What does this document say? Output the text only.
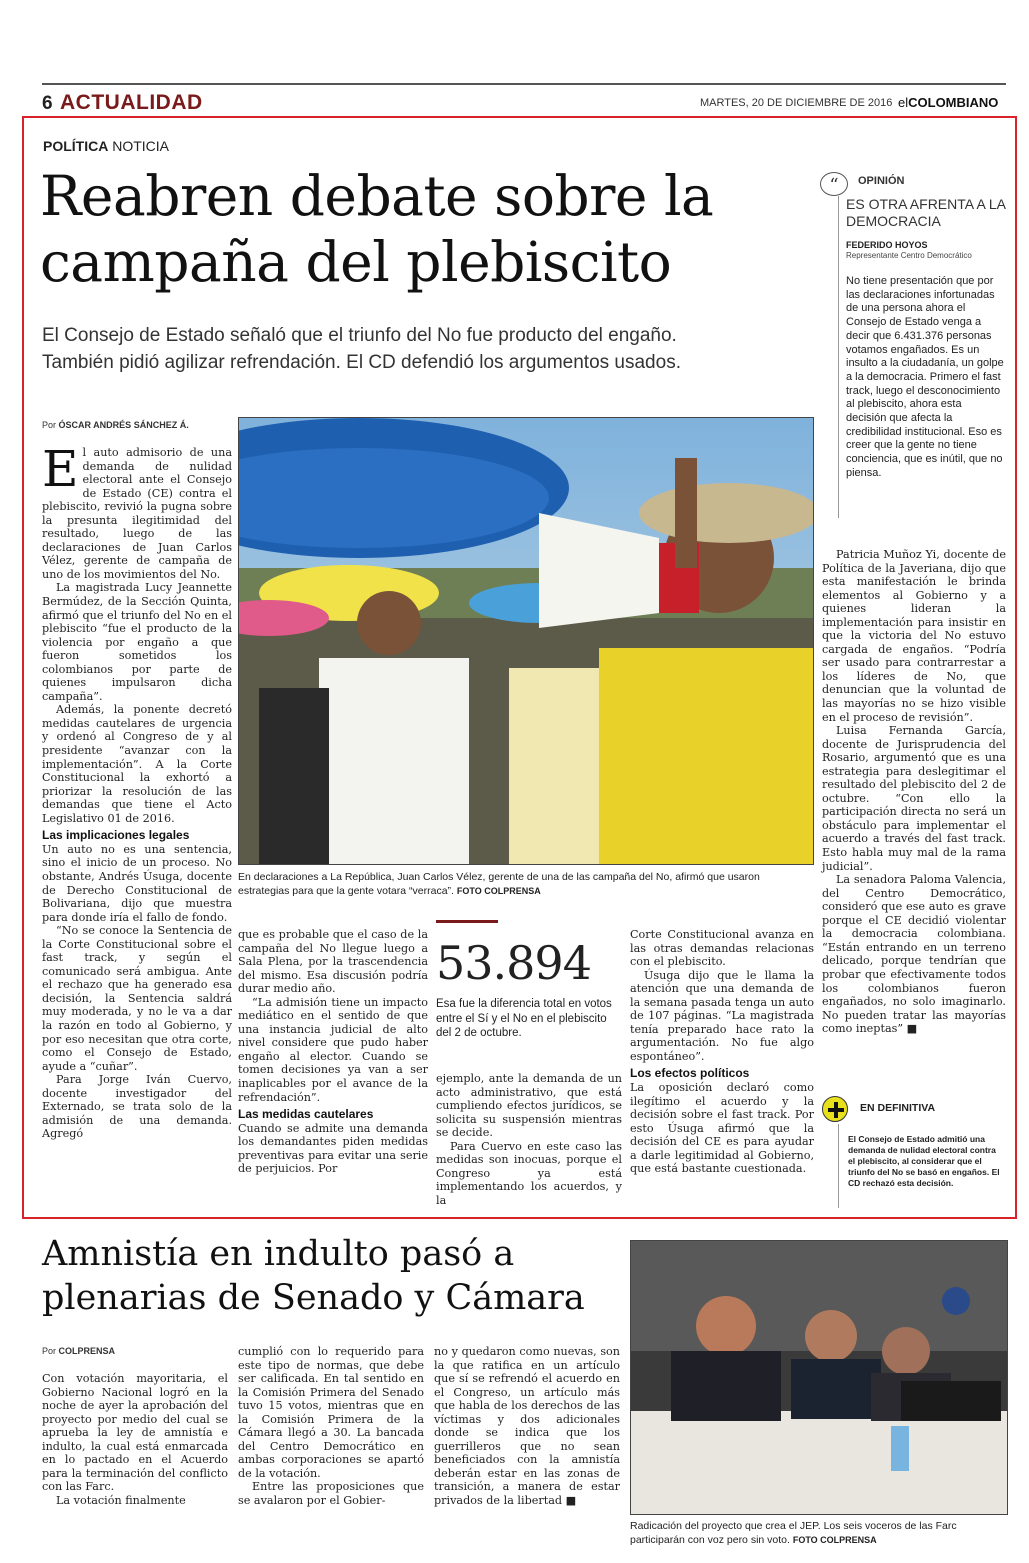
6 ACTUALIDAD	MARTES, 20 DE DICIEMBRE DE 2016 elCOLOMBIANO
POLÍTICA NOTICIA
Reabren debate sobre la
campaña del plebiscito
El Consejo de Estado señaló que el triunfo del No fue producto del engaño.
También pidió agilizar refrendación. El CD defendió los argumentos usados.
Por ÓSCAR ANDRÉS SÁNCHEZ Á.

El auto admisorio de una demanda de nulidad electoral ante el Consejo de Estado (CE) contra el plebiscito, revivió la pugna sobre la presunta ilegitimidad del resultado, luego de las declaraciones de Juan Carlos Vélez, gerente de campaña de uno de los movimientos del No.

La magistrada Lucy Jeannette Bermúdez, de la Sección Quinta, afirmó que el triunfo del No en el plebiscito “fue el producto de la violencia por engaño a que fueron sometidos los colombianos por parte de quienes impulsaron dicha campaña”.

Además, la ponente decretó medidas cautelares de urgencia y ordenó al Congreso de y al presidente “avanzar con la implementación”. A la Corte Constitucional la exhortó a priorizar la resolución de las demandas que tiene el Acto Legislativo 01 de 2016.

Las implicaciones legales

Un auto no es una sentencia, sino el inicio de un proceso. No obstante, Andrés Úsuga, docente de Derecho Constitucional de Bolivariana, dijo que muestra para donde iría el fallo de fondo.

“No se conoce la Sentencia de la Corte Constitucional sobre el fast track, y según el comunicado será ambigua. Ante el rechazo que ha generado esa decisión, la Sentencia saldrá muy moderada, y no le va a dar la razón en todo al Gobierno, y por eso necesitan que otra corte, como el Consejo de Estado, ayude a “cuñar”.

Para Jorge Iván Cuervo, docente investigador del Externado, se trata solo de la admisión de una demanda. Agregó

En declaraciones a La República, Juan Carlos Vélez, gerente de una de las campaña del No, afirmó que usaron estrategias para que la gente votara “verraca”. FOTO COLPRENSA

que es probable que el caso de la campaña del No llegue luego a Sala Plena, por la trascendencia del mismo. Esa discusión podría durar medio año.

“La admisión tiene un impacto mediático en el sentido de que una instancia judicial de alto nivel considere que pudo haber engaño al elector. Cuando se tomen decisiones ya van a ser inaplicables por el avance de la refrendación”.

Las medidas cautelares

Cuando se admite una demanda los demandantes piden medidas preventivas para evitar una serie de perjuicios. Por

53.894
Esa fue la diferencia total en votos entre el Sí y el No en el plebiscito del 2 de octubre.

ejemplo, ante la demanda de un acto administrativo, que está cumpliendo efectos jurídicos, se solicita su suspensión mientras se decide.

Para Cuervo en este caso las medidas son inocuas, porque el Congreso ya está implementando los acuerdos, y la

Corte Constitucional avanza en las otras demandas relacionas con el plebiscito.

Úsuga dijo que le llama la atención que una demanda de la semana pasada tenga un auto de 107 páginas. “La magistrada tenía preparado hace rato la argumentación. No fue algo espontáneo”.

Los efectos políticos

La oposición declaró como ilegítimo el acuerdo y la decisión sobre el fast track. Por esto Úsuga afirmó que la decisión del CE es para ayudar a darle legitimidad al Gobierno, que está bastante cuestionada.

“	OPINIÓN
ES OTRA AFRENTA A LA DEMOCRACIA
FEDERIDO HOYOS
Representante Centro Democrático
No tiene presentación que por las declaraciones infortunadas de una persona ahora el Consejo de Estado venga a decir que 6.431.376 personas votamos engañados. Es un insulto a la ciudadanía, un golpe a la democracia. Primero el fast track, luego el desconocimiento al plebiscito, ahora esta decisión que afecta la credibilidad institucional. Eso es creer que la gente no tiene conciencia, que es inútil, que no piensa.

Patricia Muñoz Yi, docente de Política de la Javeriana, dijo que esta manifestación le brinda elementos al Gobierno y a quienes lideran la implementación para insistir en que la victoria del No estuvo cargada de engaños. “Podría ser usado para contrarrestar a los líderes de No, que denuncian que la voluntad de las mayorías no se hizo visible en el proceso de revisión”.

Luisa Fernanda García, docente de Jurisprudencia del Rosario, argumentó que es una estrategia para deslegitimar el resultado del plebiscito del 2 de octubre. “Con ello la participación directa no será un obstáculo para implementar el acuerdo a través del fast track. Esto habla muy mal de la rama judicial”.

La senadora Paloma Valencia, del Centro Democrático, consideró que ese auto es grave porque el CE decidió violentar la democracia colombiana. “Están entrando en un terreno delicado, porque tendrían que probar que efectivamente todos los colombianos fueron engañados, no solo imaginarlo. No pueden tratar las mayorías como ineptas” ■

EN DEFINITIVA
El Consejo de Estado admitió una demanda de nulidad electoral contra el plebiscito, al considerar que el triunfo del No se basó en engaños. El CD rechazó esta decisión.
Amnistía en indulto pasó a
plenarias de Senado y Cámara
Por COLPRENSA

Con votación mayoritaria, el Gobierno Nacional logró en la noche de ayer la aprobación del proyecto por medio del cual se aprueba la ley de amnistía e indulto, la cual está enmarcada en lo pactado en el Acuerdo para la terminación del conflicto con las Farc.

La votación finalmente

cumplió con lo requerido para este tipo de normas, que debe ser calificada. En tal sentido en la Comisión Primera del Senado tuvo 15 votos, mientras que en la Comisión Primera de la Cámara llegó a 30. La bancada del Centro Democrático en ambas corporaciones se apartó de la votación.

Entre las proposiciones que se avalaron por el Gobier-

no y quedaron como nuevas, son la que ratifica en un artículo que sí se refrendó el acuerdo en el Congreso, un artículo más que habla de los derechos de las víctimas y dos adicionales donde se indica que los guerrilleros que no sean beneficiados con la amnistía deberán estar en las zonas de transición, a manera de estar privados de la libertad ■

Radicación del proyecto que crea el JEP. Los seis voceros de las Farc participarán con voz pero sin voto. FOTO COLPRENSA
